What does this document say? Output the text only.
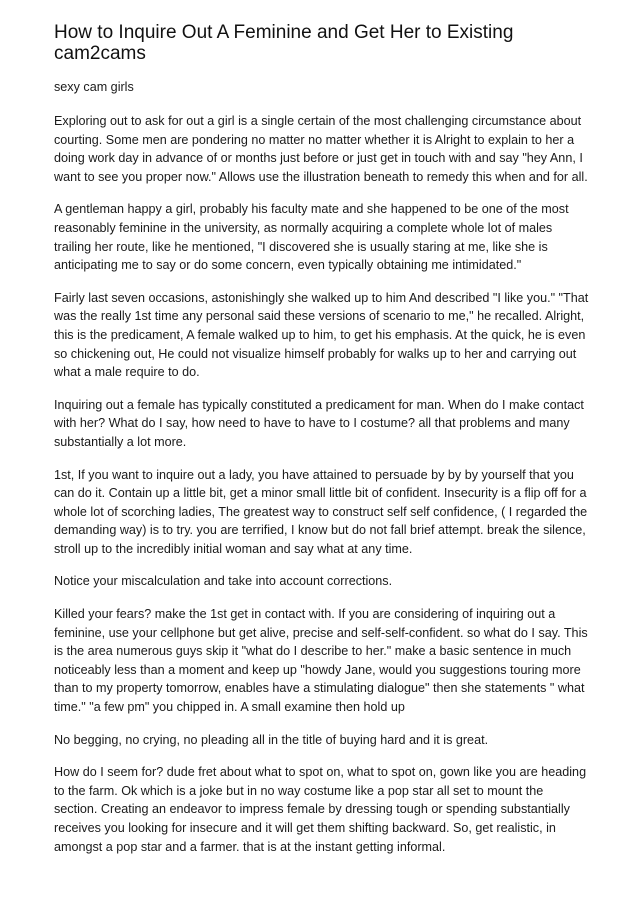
How to Inquire Out A Feminine and Get Her to Existing cam2cams

sexy cam girls

Exploring out to ask for out a girl is a single certain of the most challenging circumstance about courting. Some men are pondering no matter no matter whether it is Alright to explain to her a doing work day in advance of or months just before or just get in touch with and say "hey Ann, I want to see you proper now." Allows use the illustration beneath to remedy this when and for all.

A gentleman happy a girl, probably his faculty mate and she happened to be one of the most reasonably feminine in the university, as normally acquiring a complete whole lot of males trailing her route, like he mentioned, "I discovered she is usually staring at me, like she is anticipating me to say or do some concern, even typically obtaining me intimidated."

Fairly last seven occasions, astonishingly she walked up to him And described "I like you." "That was the really 1st time any personal said these versions of scenario to me," he recalled. Alright, this is the predicament, A female walked up to him, to get his emphasis. At the quick, he is even so chickening out, He could not visualize himself probably for walks up to her and carrying out what a male require to do.

Inquiring out a female has typically constituted a predicament for man. When do I make contact with her? What do I say, how need to have to have to I costume? all that problems and many substantially a lot more.

1st, If you want to inquire out a lady, you have attained to persuade by by by yourself that you can do it. Contain up a little bit, get a minor small little bit of confident. Insecurity is a flip off for a whole lot of scorching ladies, The greatest way to construct self self confidence, ( I regarded the demanding way) is to try. you are terrified, I know but do not fall brief attempt. break the silence, stroll up to the incredibly initial woman and say what at any time.

Notice your miscalculation and take into account corrections.

Killed your fears? make the 1st get in contact with. If you are considering of inquiring out a feminine, use your cellphone but get alive, precise and self-self-confident. so what do I say. This is the area numerous guys skip it "what do I describe to her." make a basic sentence in much noticeably less than a moment and keep up "howdy Jane, would you suggestions touring more than to my property tomorrow, enables have a stimulating dialogue" then she statements " what time." "a few pm" you chipped in. A small examine then hold up

No begging, no crying, no pleading all in the title of buying hard and it is great.

How do I seem for? dude fret about what to spot on, what to spot on, gown like you are heading to the farm. Ok which is a joke but in no way costume like a pop star all set to mount the section. Creating an endeavor to impress female by dressing tough or spending substantially receives you looking for insecure and it will get them shifting backward. So, get realistic, in amongst a pop star and a farmer. that is at the instant getting informal.
